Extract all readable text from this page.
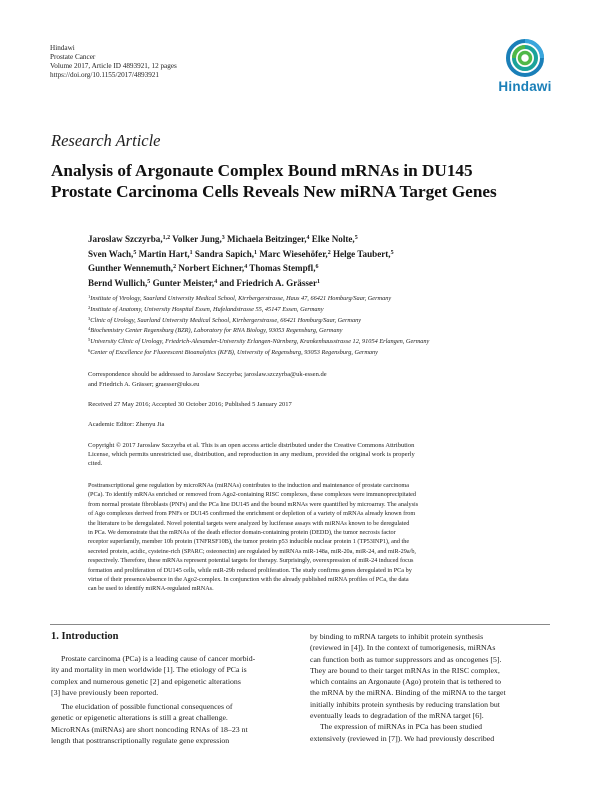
Hindawi
Prostate Cancer
Volume 2017, Article ID 4893921, 12 pages
https://doi.org/10.1155/2017/4893921
Hindawi
Research Article
Analysis of Argonaute Complex Bound mRNAs in DU145
Prostate Carcinoma Cells Reveals New miRNA Target Genes
Jaroslaw Szczyrba,$^{1,2}$ Volker Jung,$^3$ Michaela Beitzinger,$^4$ Elke Nolte,$^5$
Sven Wach,$^5$ Martin Hart,$^1$ Sandra Sapich,$^1$ Marc Wiesehöfer,$^2$ Helge Taubert,$^5$
Gunther Wennemuth,$^2$ Norbert Eichner,$^4$ Thomas Stempfl,$^6$
Bernd Wullich,$^5$ Gunter Meister,$^4$ and Friedrich A. Grässer$^1$
$^1$Institute of Virology, Saarland University Medical School, Kirrbergerstrasse, Haus 47, 66421 Homburg/Saar, Germany
$^2$Institute of Anatomy, University Hospital Essen, Hufelandstrasse 55, 45147 Essen, Germany
$^3$Clinic of Urology, Saarland University Medical School, Kirrbergerstrasse, 66421 Homburg/Saar, Germany
$^4$Biochemistry Center Regensburg (BZR), Laboratory for RNA Biology, 93053 Regensburg, Germany
$^5$University Clinic of Urology, Friedrich-Alexander-University Erlangen-Nürnberg, Krankenhausstrasse 12, 91054 Erlangen, Germany
$^6$Center of Excellence for Fluorescent Bioanalytics (KFB), University of Regensburg, 93053 Regensburg, Germany
Correspondence should be addressed to Jaroslaw Szczyrba; jaroslaw.szczyrba@uk-essen.de
and Friedrich A. Grässer; graesser@uks.eu
Received 27 May 2016; Accepted 30 October 2016; Published 5 January 2017
Academic Editor: Zhenyu Jia
Copyright © 2017 Jaroslaw Szczyrba et al. This is an open access article distributed under the Creative Commons Attribution
License, which permits unrestricted use, distribution, and reproduction in any medium, provided the original work is properly
cited.
Posttranscriptional gene regulation by microRNAs (miRNAs) contributes to the induction and maintenance of prostate carcinoma
(PCa). To identify mRNAs enriched or removed from Ago2-containing RISC complexes, these complexes were immunoprecipitated
from normal prostate fibroblasts (PNFs) and the PCa line DU145 and the bound mRNAs were quantified by microarray. The analysis
of Ago complexes derived from PNFs or DU145 confirmed the enrichment or depletion of a variety of mRNAs already known from
the literature to be deregulated. Novel potential targets were analyzed by luciferase assays with miRNAs known to be deregulated
in PCa. We demonstrate that the mRNAs of the death effector domain-containing protein (DEDD), the tumor necrosis factor
receptor superfamily, member 10b protein (TNFRSF10B), the tumor protein p53 inducible nuclear protein 1 (TP53INP1), and the
secreted protein, acidic, cysteine-rich (SPARC; osteonectin) are regulated by miRNAs miR-148a, miR-20a, miR-24, and miR-29a/b,
respectively. Therefore, these mRNAs represent potential targets for therapy. Surprisingly, overexpression of miR-24 induced focus
formation and proliferation of DU145 cells, while miR-29b reduced proliferation. The study confirms genes deregulated in PCa by
virtue of their presence/absence in the Ago2-complex. In conjunction with the already published miRNA profiles of PCa, the data
can be used to identify miRNA-regulated mRNAs.
1. Introduction
Prostate carcinoma (PCa) is a leading cause of cancer morbid-
ity and mortality in men worldwide [1]. The etiology of PCa is
complex and numerous genetic [2] and epigenetic alterations
[3] have previously been reported.
The elucidation of possible functional consequences of
genetic or epigenetic alterations is still a great challenge.
MicroRNAs (miRNAs) are short noncoding RNAs of 18–23 nt
length that posttranscriptionally regulate gene expression
by binding to mRNA targets to inhibit protein synthesis
(reviewed in [4]). In the context of tumorigenesis, miRNAs
can function both as tumor suppressors and as oncogenes [5].
They are bound to their target mRNAs in the RISC complex,
which contains an Argonaute (Ago) protein that is tethered to
the mRNA by the miRNA. Binding of the miRNA to the target
initially inhibits protein synthesis by reducing translation but
eventually leads to degradation of the mRNA target [6].
The expression of miRNAs in PCa has been studied
extensively (reviewed in [7]). We had previously described
